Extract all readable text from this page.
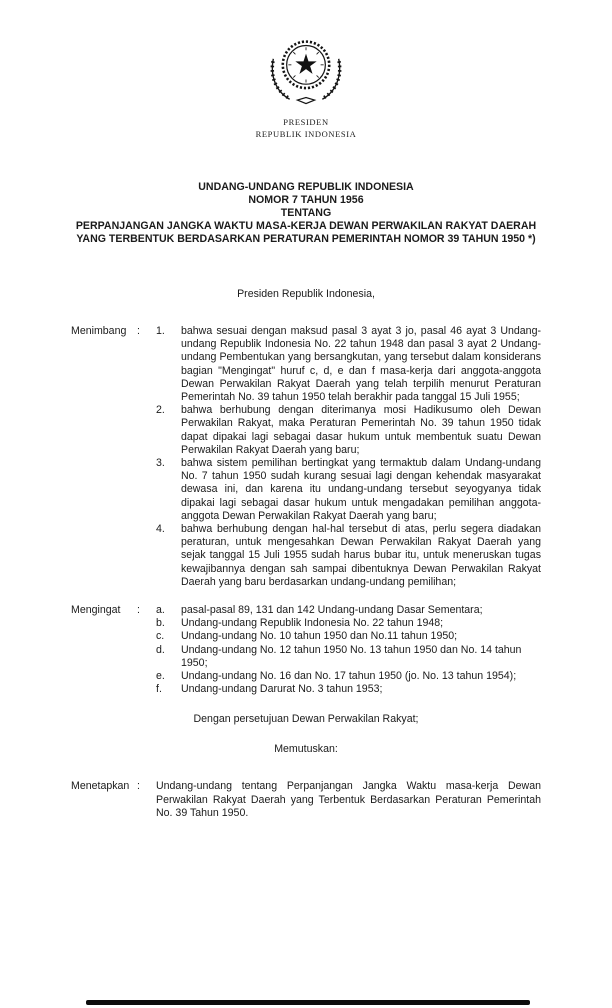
PRESIDEN
REPUBLIK INDONESIA
UNDANG-UNDANG REPUBLIK INDONESIA
NOMOR 7 TAHUN 1956
TENTANG
PERPANJANGAN JANGKA WAKTU MASA-KERJA DEWAN PERWAKILAN RAKYAT DAERAH
YANG TERBENTUK BERDASARKAN PERATURAN PEMERINTAH NOMOR 39 TAHUN 1950 *)
Presiden Republik Indonesia,
Menimbang	:	1.	bahwa sesuai dengan maksud pasal 3 ayat 3 jo, pasal 46 ayat 3 Undang-undang Republik Indonesia No. 22 tahun 1948 dan pasal 3 ayat 2 Undang-undang Pembentukan yang bersangkutan, yang tersebut dalam konsiderans bagian "Mengingat" huruf c, d, e dan f masa-kerja dari anggota-anggota Dewan Perwakilan Rakyat Daerah yang telah terpilih menurut Peraturan Pemerintah No. 39 tahun 1950 telah berakhir pada tanggal 15 Juli 1955;
2.	bahwa berhubung dengan diterimanya mosi Hadikusumo oleh Dewan Perwakilan Rakyat, maka Peraturan Pemerintah No. 39 tahun 1950 tidak dapat dipakai lagi sebagai dasar hukum untuk membentuk suatu Dewan Perwakilan Rakyat Daerah yang baru;
3.	bahwa sistem pemilihan bertingkat yang termaktub dalam Undang-undang No. 7 tahun 1950 sudah kurang sesuai lagi dengan kehendak masyarakat dewasa ini, dan karena itu undang-undang tersebut seyogyanya tidak dipakai lagi sebagai dasar hukum untuk mengadakan pemilihan anggota-anggota Dewan Perwakilan Rakyat Daerah yang baru;
4.	bahwa berhubung dengan hal-hal tersebut di atas, perlu segera diadakan peraturan, untuk mengesahkan Dewan Perwakilan Rakyat Daerah yang sejak tanggal 15 Juli 1955 sudah harus bubar itu, untuk meneruskan tugas kewajibannya dengan sah sampai dibentuknya Dewan Perwakilan Rakyat Daerah yang baru berdasarkan undang-undang pemilihan;
Mengingat	:	a.	pasal-pasal 89, 131 dan 142 Undang-undang Dasar Sementara;
b.	Undang-undang Republik Indonesia No. 22 tahun 1948;
c.	Undang-undang No. 10 tahun 1950 dan No.11 tahun 1950;
d.	Undang-undang No. 12 tahun 1950 No. 13 tahun 1950 dan No. 14 tahun 1950;
e.	Undang-undang No. 16 dan No. 17 tahun 1950 (jo. No. 13 tahun 1954);
f.	Undang-undang Darurat No. 3 tahun 1953;
Dengan persetujuan Dewan Perwakilan Rakyat;
Memutuskan:
Menetapkan :	Undang-undang tentang Perpanjangan Jangka Waktu masa-kerja Dewan Perwakilan Rakyat Daerah yang Terbentuk Berdasarkan Peraturan Pemerintah No. 39 Tahun 1950.
